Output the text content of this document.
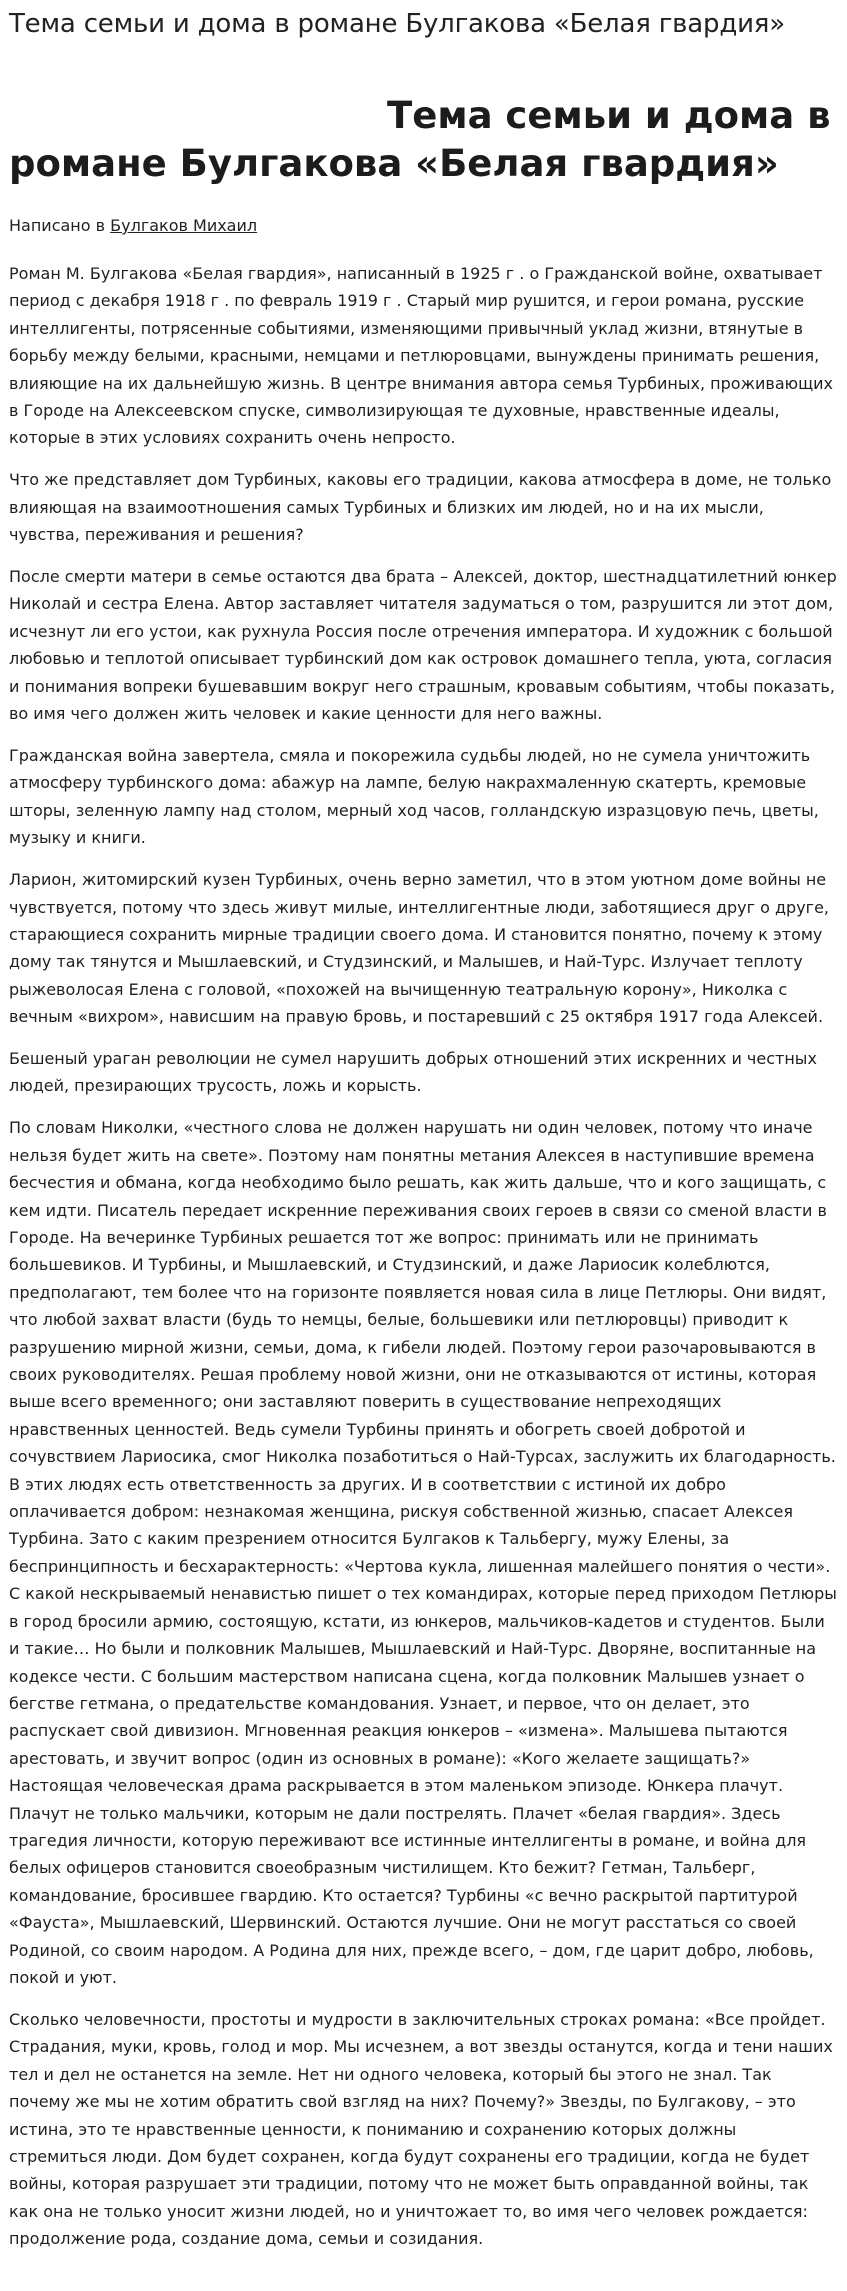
Тема семьи и дома в романе Булгакова «Белая гвардия»
Тема семьи и дома в романе Булгакова «Белая гвардия»
Написано в Булгаков Михаил

Роман М. Булгакова «Белая гвардия», написанный в 1925 г . о Гражданской войне, охватывает период с декабря 1918 г . по февраль 1919 г . Старый мир рушится, и герои романа, русские интеллигенты, потрясенные событиями, изменяющими привычный уклад жизни, втянутые в борьбу между белыми, красными, немцами и петлюровцами, вынуждены принимать решения, влияющие на их дальнейшую жизнь. В центре внимания автора семья Турбиных, проживающих в Городе на Алексеевском спуске, символизирующая те духовные, нравственные идеалы, которые в этих условиях сохранить очень непросто.

Что же представляет дом Турбиных, каковы его традиции, какова атмосфера в доме, не только влияющая на взаимоотношения самых Турбиных и близких им людей, но и на их мысли, чувства, переживания и решения?

После смерти матери в семье остаются два брата – Алексей, доктор, шестнадцатилетний юнкер Николай и сестра Елена. Автор заставляет читателя задуматься о том, разрушится ли этот дом, исчезнут ли его устои, как рухнула Россия после отречения императора. И художник с большой любовью и теплотой описывает турбинский дом как островок домашнего тепла, уюта, согласия и понимания вопреки бушевавшим вокруг него страшным, кровавым событиям, чтобы показать, во имя чего должен жить человек и какие ценности для него важны.

Гражданская война завертела, смяла и покорежила судьбы людей, но не сумела уничтожить атмосферу турбинского дома: абажур на лампе, белую накрахмаленную скатерть, кремовые шторы, зеленную лампу над столом, мерный ход часов, голландскую изразцовую печь, цветы, музыку и книги.

Ларион, житомирский кузен Турбиных, очень верно заметил, что в этом уютном доме войны не чувствуется, потому что здесь живут милые, интеллигентные люди, заботящиеся друг о друге, старающиеся сохранить мирные традиции своего дома. И становится понятно, почему к этому дому так тянутся и Мышлаевский, и Студзинский, и Малышев, и Най-Турс. Излучает теплоту рыжеволосая Елена с головой, «похожей на вычищенную театральную корону», Николка с вечным «вихром», нависшим на правую бровь, и постаревший с 25 октября 1917 года Алексей.

Бешеный ураган революции не сумел нарушить добрых отношений этих искренних и честных людей, презирающих трусость, ложь и корысть.

По словам Николки, «честного слова не должен нарушать ни один человек, потому что иначе нельзя будет жить на свете». Поэтому нам понятны метания Алексея в наступившие времена бесчестия и обмана, когда необходимо было решать, как жить дальше, что и кого защищать, с кем идти. Писатель передает искренние переживания своих героев в связи со сменой власти в Городе. На вечеринке Турбиных решается тот же вопрос: принимать или не принимать большевиков. И Турбины, и Мышлаевский, и Студзинский, и даже Лариосик колеблются, предполагают, тем более что на горизонте появляется новая сила в лице Петлюры. Они видят, что любой захват власти (будь то немцы, белые, большевики или петлюровцы) приводит к разрушению мирной жизни, семьи, дома, к гибели людей. Поэтому герои разочаровываются в своих руководителях. Решая проблему новой жизни, они не отказываются от истины, которая выше всего временного; они заставляют поверить в существование непреходящих нравственных ценностей. Ведь сумели Турбины принять и обогреть своей добротой и сочувствием Лариосика, смог Николка позаботиться о Най-Турсах, заслужить их благодарность. В этих людях есть ответственность за других. И в соответствии с истиной их добро оплачивается добром: незнакомая женщина, рискуя собственной жизнью, спасает Алексея Турбина. Зато с каким презрением относится Булгаков к Тальбергу, мужу Елены, за беспринципность и бесхарактерность: «Чертова кукла, лишенная малейшего понятия о чести». С какой нескрываемый ненавистью пишет о тех командирах, которые перед приходом Петлюры в город бросили армию, состоящую, кстати, из юнкеров, мальчиков-кадетов и студентов. Были и такие… Но были и полковник Малышев, Мышлаевский и Най-Турс. Дворяне, воспитанные на кодексе чести. С большим мастерством написана сцена, когда полковник Малышев узнает о бегстве гетмана, о предательстве командования. Узнает, и первое, что он делает, это распускает свой дивизион. Мгновенная реакция юнкеров – «измена». Малышева пытаются арестовать, и звучит вопрос (один из основных в романе): «Кого желаете защищать?» Настоящая человеческая драма раскрывается в этом маленьком эпизоде. Юнкера плачут. Плачут не только мальчики, которым не дали пострелять. Плачет «белая гвардия». Здесь трагедия личности, которую переживают все истинные интеллигенты в романе, и война для белых офицеров становится своеобразным чистилищем. Кто бежит? Гетман, Тальберг, командование, бросившее гвардию. Кто остается? Турбины «с вечно раскрытой партитурой «Фауста», Мышлаевский, Шервинский. Остаются лучшие. Они не могут расстаться со своей Родиной, со своим народом. А Родина для них, прежде всего, – дом, где царит добро, любовь, покой и уют.

Сколько человечности, простоты и мудрости в заключительных строках романа: «Все пройдет. Страдания, муки, кровь, голод и мор. Мы исчезнем, а вот звезды останутся, когда и тени наших тел и дел не останется на земле. Нет ни одного человека, который бы этого не знал. Так почему же мы не хотим обратить свой взгляд на них? Почему?» Звезды, по Булгакову, – это истина, это те нравственные ценности, к пониманию и сохранению которых должны стремиться люди. Дом будет сохранен, когда будут сохранены его традиции, когда не будет войны, которая разрушает эти традиции, потому что не может быть оправданной войны, так как она не только уносит жизни людей, но и уничтожает то, во имя чего человек рождается: продолжение рода, создание дома, семьи и созидания.
